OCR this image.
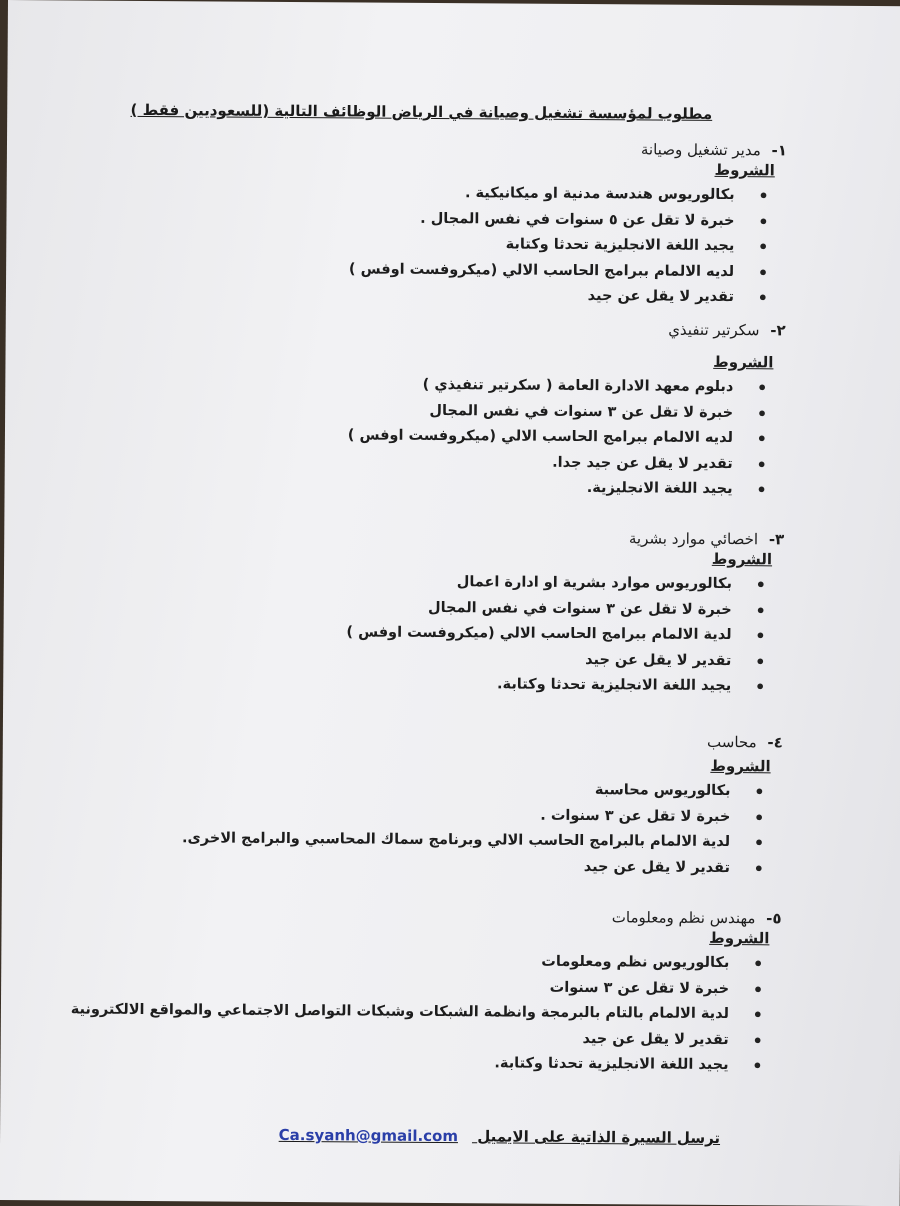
مطلوب لمؤسسة تشغيل وصيانة في الرياض الوظائف التالية (للسعوديين فقط )
١- مدير تشغيل وصيانة
الشروط
• بكالوريوس هندسة مدنية او ميكانيكية .
• خبرة لا تقل عن ٥ سنوات في نفس المجال .
• يجيد اللغة الانجليزية تحدثا وكتابة
• لديه الالمام ببرامج الحاسب الالي (ميكروفست اوفس )
• تقدير لا يقل عن جيد
٢- سكرتير تنفيذي
الشروط
• دبلوم معهد الادارة العامة ( سكرتير تنفيذي )
• خبرة لا تقل عن ٣ سنوات في نفس المجال
• لديه الالمام ببرامج الحاسب الالي (ميكروفست اوفس )
• تقدير لا يقل عن جيد جدا.
• يجيد اللغة الانجليزية.
٣- اخصائي موارد بشرية
الشروط
• بكالوريوس موارد بشرية او ادارة اعمال
• خبرة لا تقل عن ٣ سنوات في نفس المجال
• لدية الالمام ببرامج الحاسب الالي (ميكروفست اوفس )
• تقدير لا يقل عن جيد
• يجيد اللغة الانجليزية تحدثا وكتابة.
٤- محاسب
الشروط
• بكالوريوس محاسبة
• خبرة لا تقل عن ٣ سنوات .
• لدية الالمام بالبرامج الحاسب الالي وبرنامج سماك المحاسبي والبرامج الاخرى.
• تقدير لا يقل عن جيد
٥- مهندس نظم ومعلومات
الشروط
• بكالوريوس نظم ومعلومات
• خبرة لا تقل عن ٣ سنوات
• لدية الالمام بالتام بالبرمجة وانظمة الشبكات وشبكات التواصل الاجتماعي والمواقع الالكترونية
• تقدير لا يقل عن جيد
• يجيد اللغة الانجليزية تحدثا وكتابة.
ترسل السيرة الذاتية على الايميل Ca.syanh@gmail.com
